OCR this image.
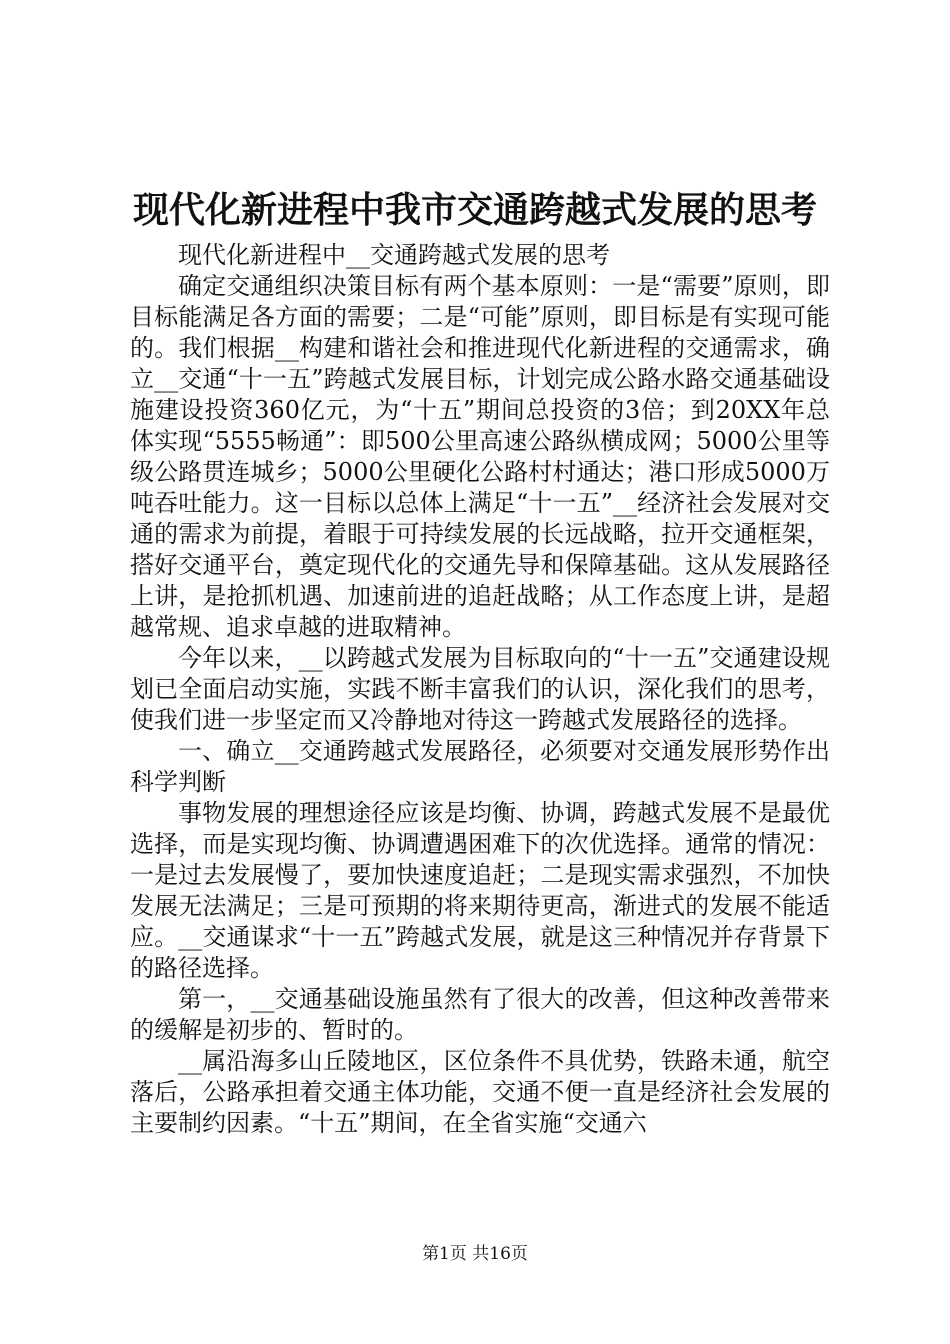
现代化新进程中我市交通跨越式发展的思考

现代化新进程中__交通跨越式发展的思考

确定交通组织决策目标有两个基本原则：一是“需要”原则，即目标能满足各方面的需要；二是“可能”原则，即目标是有实现可能的。我们根据__构建和谐社会和推进现代化新进程的交通需求，确立__交通“十一五”跨越式发展目标，计划完成公路水路交通基础设施建设投资360亿元，为“十五”期间总投资的3倍；到20XX年总体实现“5555畅通”：即500公里高速公路纵横成网；5000公里等级公路贯连城乡；5000公里硬化公路村村通达；港口形成5000万吨吞吐能力。这一目标以总体上满足“十一五”__经济社会发展对交通的需求为前提，着眼于可持续发展的长远战略，拉开交通框架，搭好交通平台，奠定现代化的交通先导和保障基础。这从发展路径上讲，是抢抓机遇、加速前进的追赶战略；从工作态度上讲，是超越常规、追求卓越的进取精神。

今年以来，__以跨越式发展为目标取向的“十一五”交通建设规划已全面启动实施，实践不断丰富我们的认识，深化我们的思考，使我们进一步坚定而又冷静地对待这一跨越式发展路径的选择。

一、确立__交通跨越式发展路径，必须要对交通发展形势作出科学判断

事物发展的理想途径应该是均衡、协调，跨越式发展不是最优选择，而是实现均衡、协调遭遇困难下的次优选择。通常的情况：一是过去发展慢了，要加快速度追赶；二是现实需求强烈，不加快发展无法满足；三是可预期的将来期待更高，渐进式的发展不能适应。__交通谋求“十一五”跨越式发展，就是这三种情况并存背景下的路径选择。

第一，__交通基础设施虽然有了很大的改善，但这种改善带来的缓解是初步的、暂时的。

__属沿海多山丘陵地区，区位条件不具优势，铁路未通，航空落后，公路承担着交通主体功能，交通不便一直是经济社会发展的主要制约因素。“十五”期间，在全省实施“交通六

第1页 共16页
